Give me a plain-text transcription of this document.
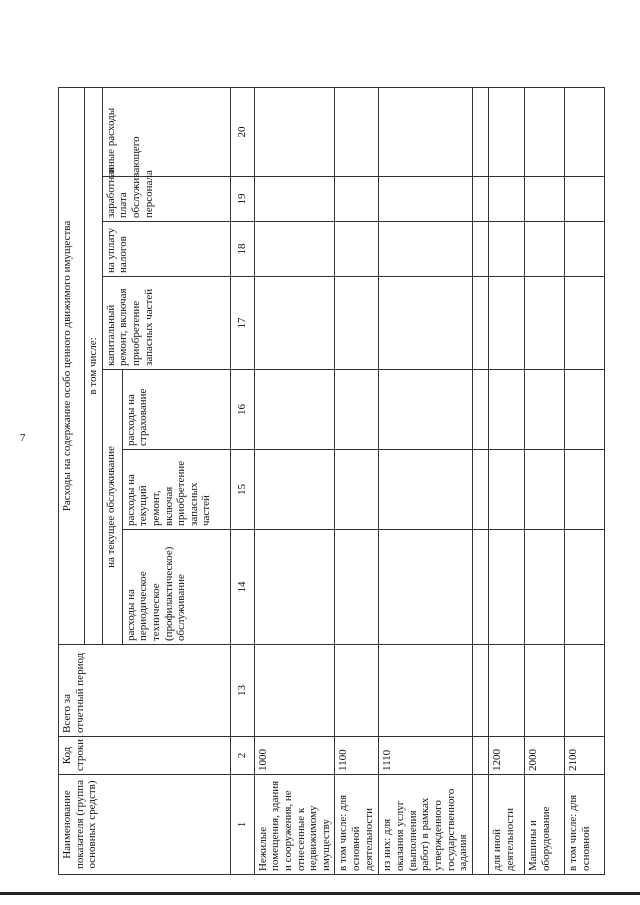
7
Наименование показателя (группа основных средств)	Код строки	Всего за отчетный период	Расходы на содержание особо ценного движимого имущества						
			в том числе:						
			на текущее обслуживание			капитальный ремонт, включая приобретение запасных частей	на уплату налогов	заработная плата обслуживающего персонала	иные расходы
			расходы на периодическое техническое (профилактическое) обслуживание	расходы на текущий ремонт, включая приобретение запасных частей	расходы на страхование				
1	2	13	14	15	16	17	18	19	20
Нежилые помещения, здания и сооружения, не отнесенные к недвижимому имуществу	1000								
в том числе: для основной деятельности	1100								
из них: для оказания услуг (выполнения работ) в рамках утвержденного государственного задания	1110								

для иной деятельности	1200								
Машины и оборудование	2000								
в том числе: для основной	2100								
